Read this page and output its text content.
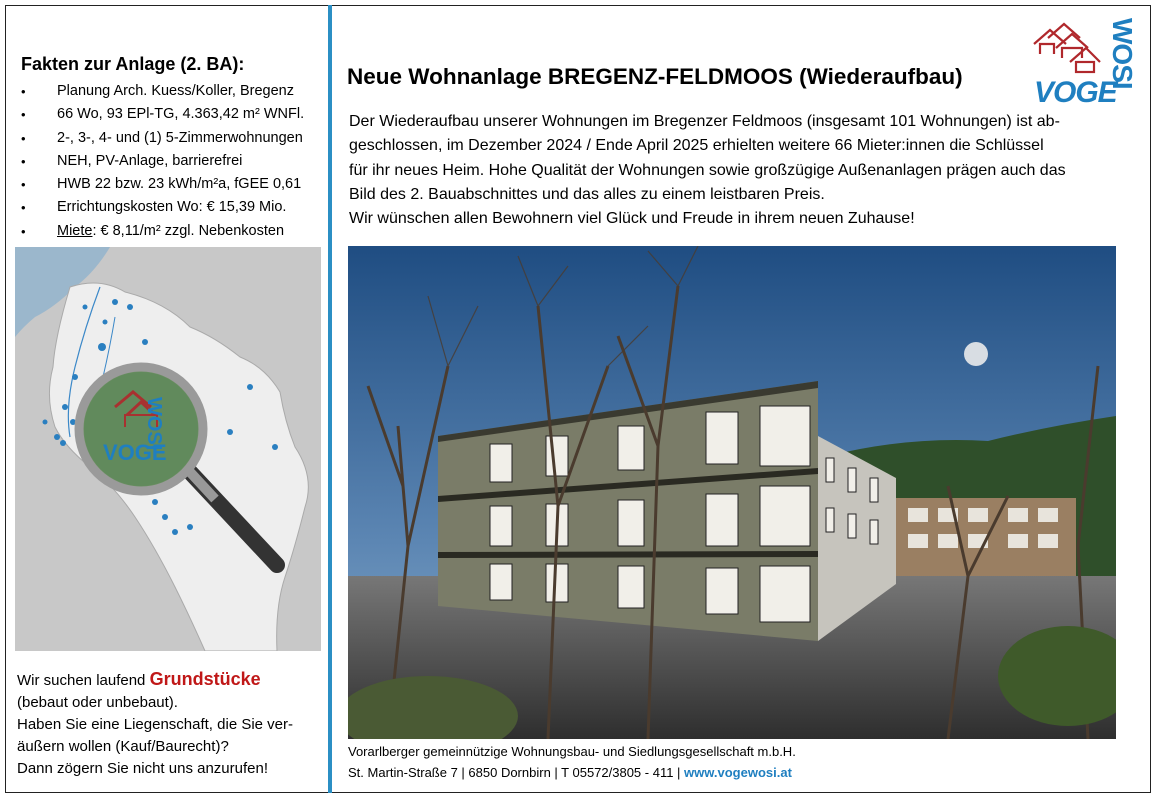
Fakten zur Anlage (2. BA):
• Planung Arch. Kuess/Koller, Bregenz
• 66 Wo, 93 EPl-TG, 4.363,42 m² WNFl.
• 2-, 3-, 4- und (1) 5-Zimmerwohnungen
• NEH, PV-Anlage, barrierefrei
• HWB 22 bzw. 23 kWh/m²a, fGEE 0,61
• Errichtungskosten Wo: € 15,39 Mio.
• Miete: € 8,11/m² zzgl. Nebenkosten
VOGE
WOSI
Wir suchen laufend Grundstücke
(bebaut oder unbebaut).
Haben Sie eine Liegenschaft, die Sie ver-
äußern wollen (Kauf/Baurecht)?
Dann zögern Sie nicht uns anzurufen!
Neue Wohnanlage BREGENZ-FELDMOOS (Wiederaufbau) VOGE
WOSI
Der Wiederaufbau unserer Wohnungen im Bregenzer Feldmoos (insgesamt 101 Wohnungen) ist ab-
geschlossen, im Dezember 2024 / Ende April 2025 erhielten weitere 66 Mieter:innen die Schlüssel
für ihr neues Heim. Hohe Qualität der Wohnungen sowie großzügige Außenanlagen prägen auch das
Bild des 2. Bauabschnittes und das alles zu einem leistbaren Preis.
Wir wünschen allen Bewohnern viel Glück und Freude in ihrem neuen Zuhause!
Vorarlberger gemeinnützige Wohnungsbau- und Siedlungsgesellschaft m.b.H.
St. Martin-Straße 7 | 6850 Dornbirn | T 05572/3805 - 411 | www.vogewosi.at
